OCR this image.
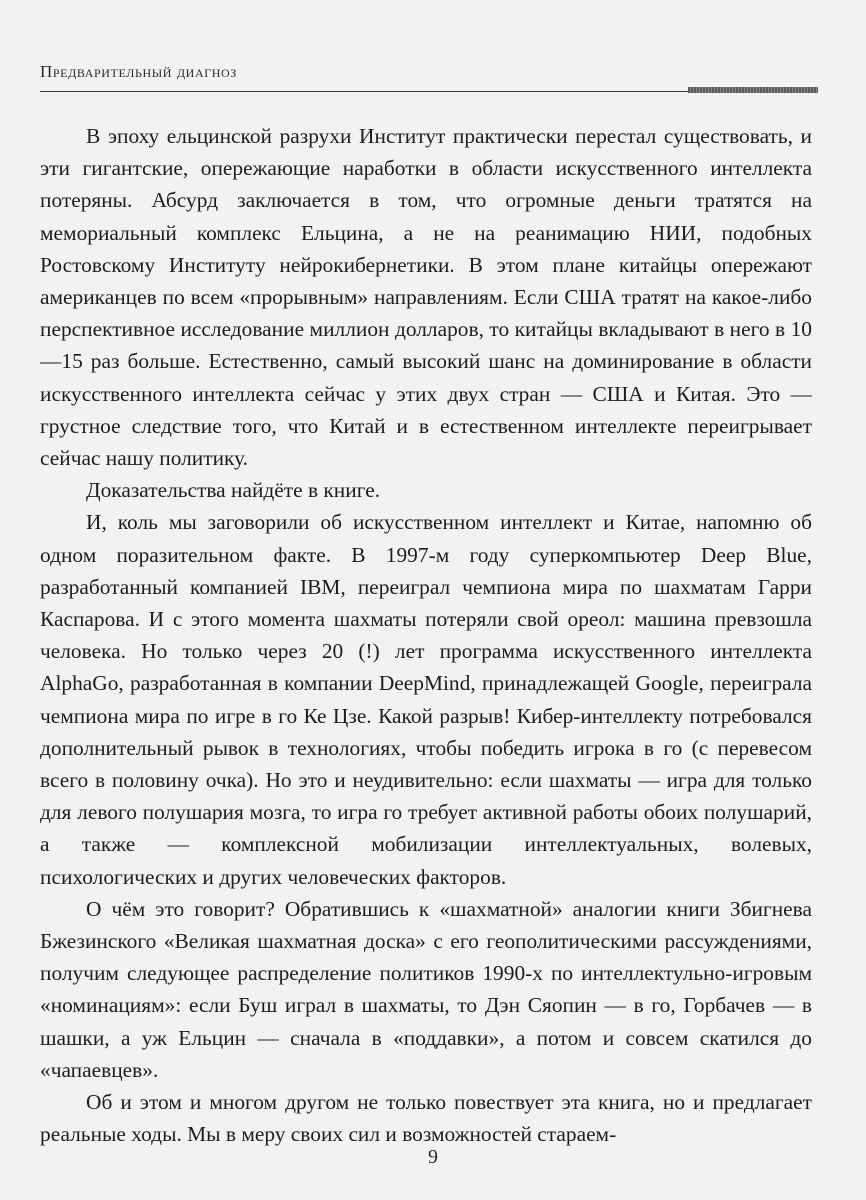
Предварительный диагноз

В эпоху ельцинской разрухи Институт практически перестал существовать, и эти гигантские, опережающие наработки в области искусственного интеллекта потеряны. Абсурд заключается в том, что огромные деньги тратятся на мемориальный комплекс Ельцина, а не на реанимацию НИИ, подобных Ростовскому Институту нейрокибернетики. В этом плане китайцы опережают американцев по всем «прорывным» направлениям. Если США тратят на какое-либо перспективное исследование миллион долларов, то китайцы вкладывают в него в 10—15 раз больше. Естественно, самый высокий шанс на доминирование в области искусственного интеллекта сейчас у этих двух стран — США и Китая. Это — грустное следствие того, что Китай и в естественном интеллекте переигрывает сейчас нашу политику.

Доказательства найдёте в книге.

И, коль мы заговорили об искусственном интеллект и Китае, напомню об одном поразительном факте. В 1997-м году суперкомпьютер Deep Blue, разработанный компанией IBM, переиграл чемпиона мира по шахматам Гарри Каспарова. И с этого момента шахматы потеряли свой ореол: машина превзошла человека. Но только через 20 (!) лет программа искусственного интеллекта AlphaGo, разработанная в компании DeepMind, принадлежащей Google, переиграла чемпиона мира по игре в го Ке Цзе. Какой разрыв! Кибер-интеллекту потребовался дополнительный рывок в технологиях, чтобы победить игрока в го (с перевесом всего в половину очка). Но это и неудивительно: если шахматы — игра для только для левого полушария мозга, то игра го требует активной работы обоих полушарий, а также — комплексной мобилизации интеллектуальных, волевых, психологических и других человеческих факторов.

О чём это говорит? Обратившись к «шахматной» аналогии книги Збигнева Бжезинского «Великая шахматная доска» с его геополитическими рассуждениями, получим следующее распределение политиков 1990-х по интеллектульно-игровым «номинациям»: если Буш играл в шахматы, то Дэн Сяопин — в го, Горбачев — в шашки, а уж Ельцин — сначала в «поддавки», а потом и совсем скатился до «чапаевцев».

Об и этом и многом другом не только повествует эта книга, но и предлагает реальные ходы. Мы в меру своих сил и возможностей стараем-

9
